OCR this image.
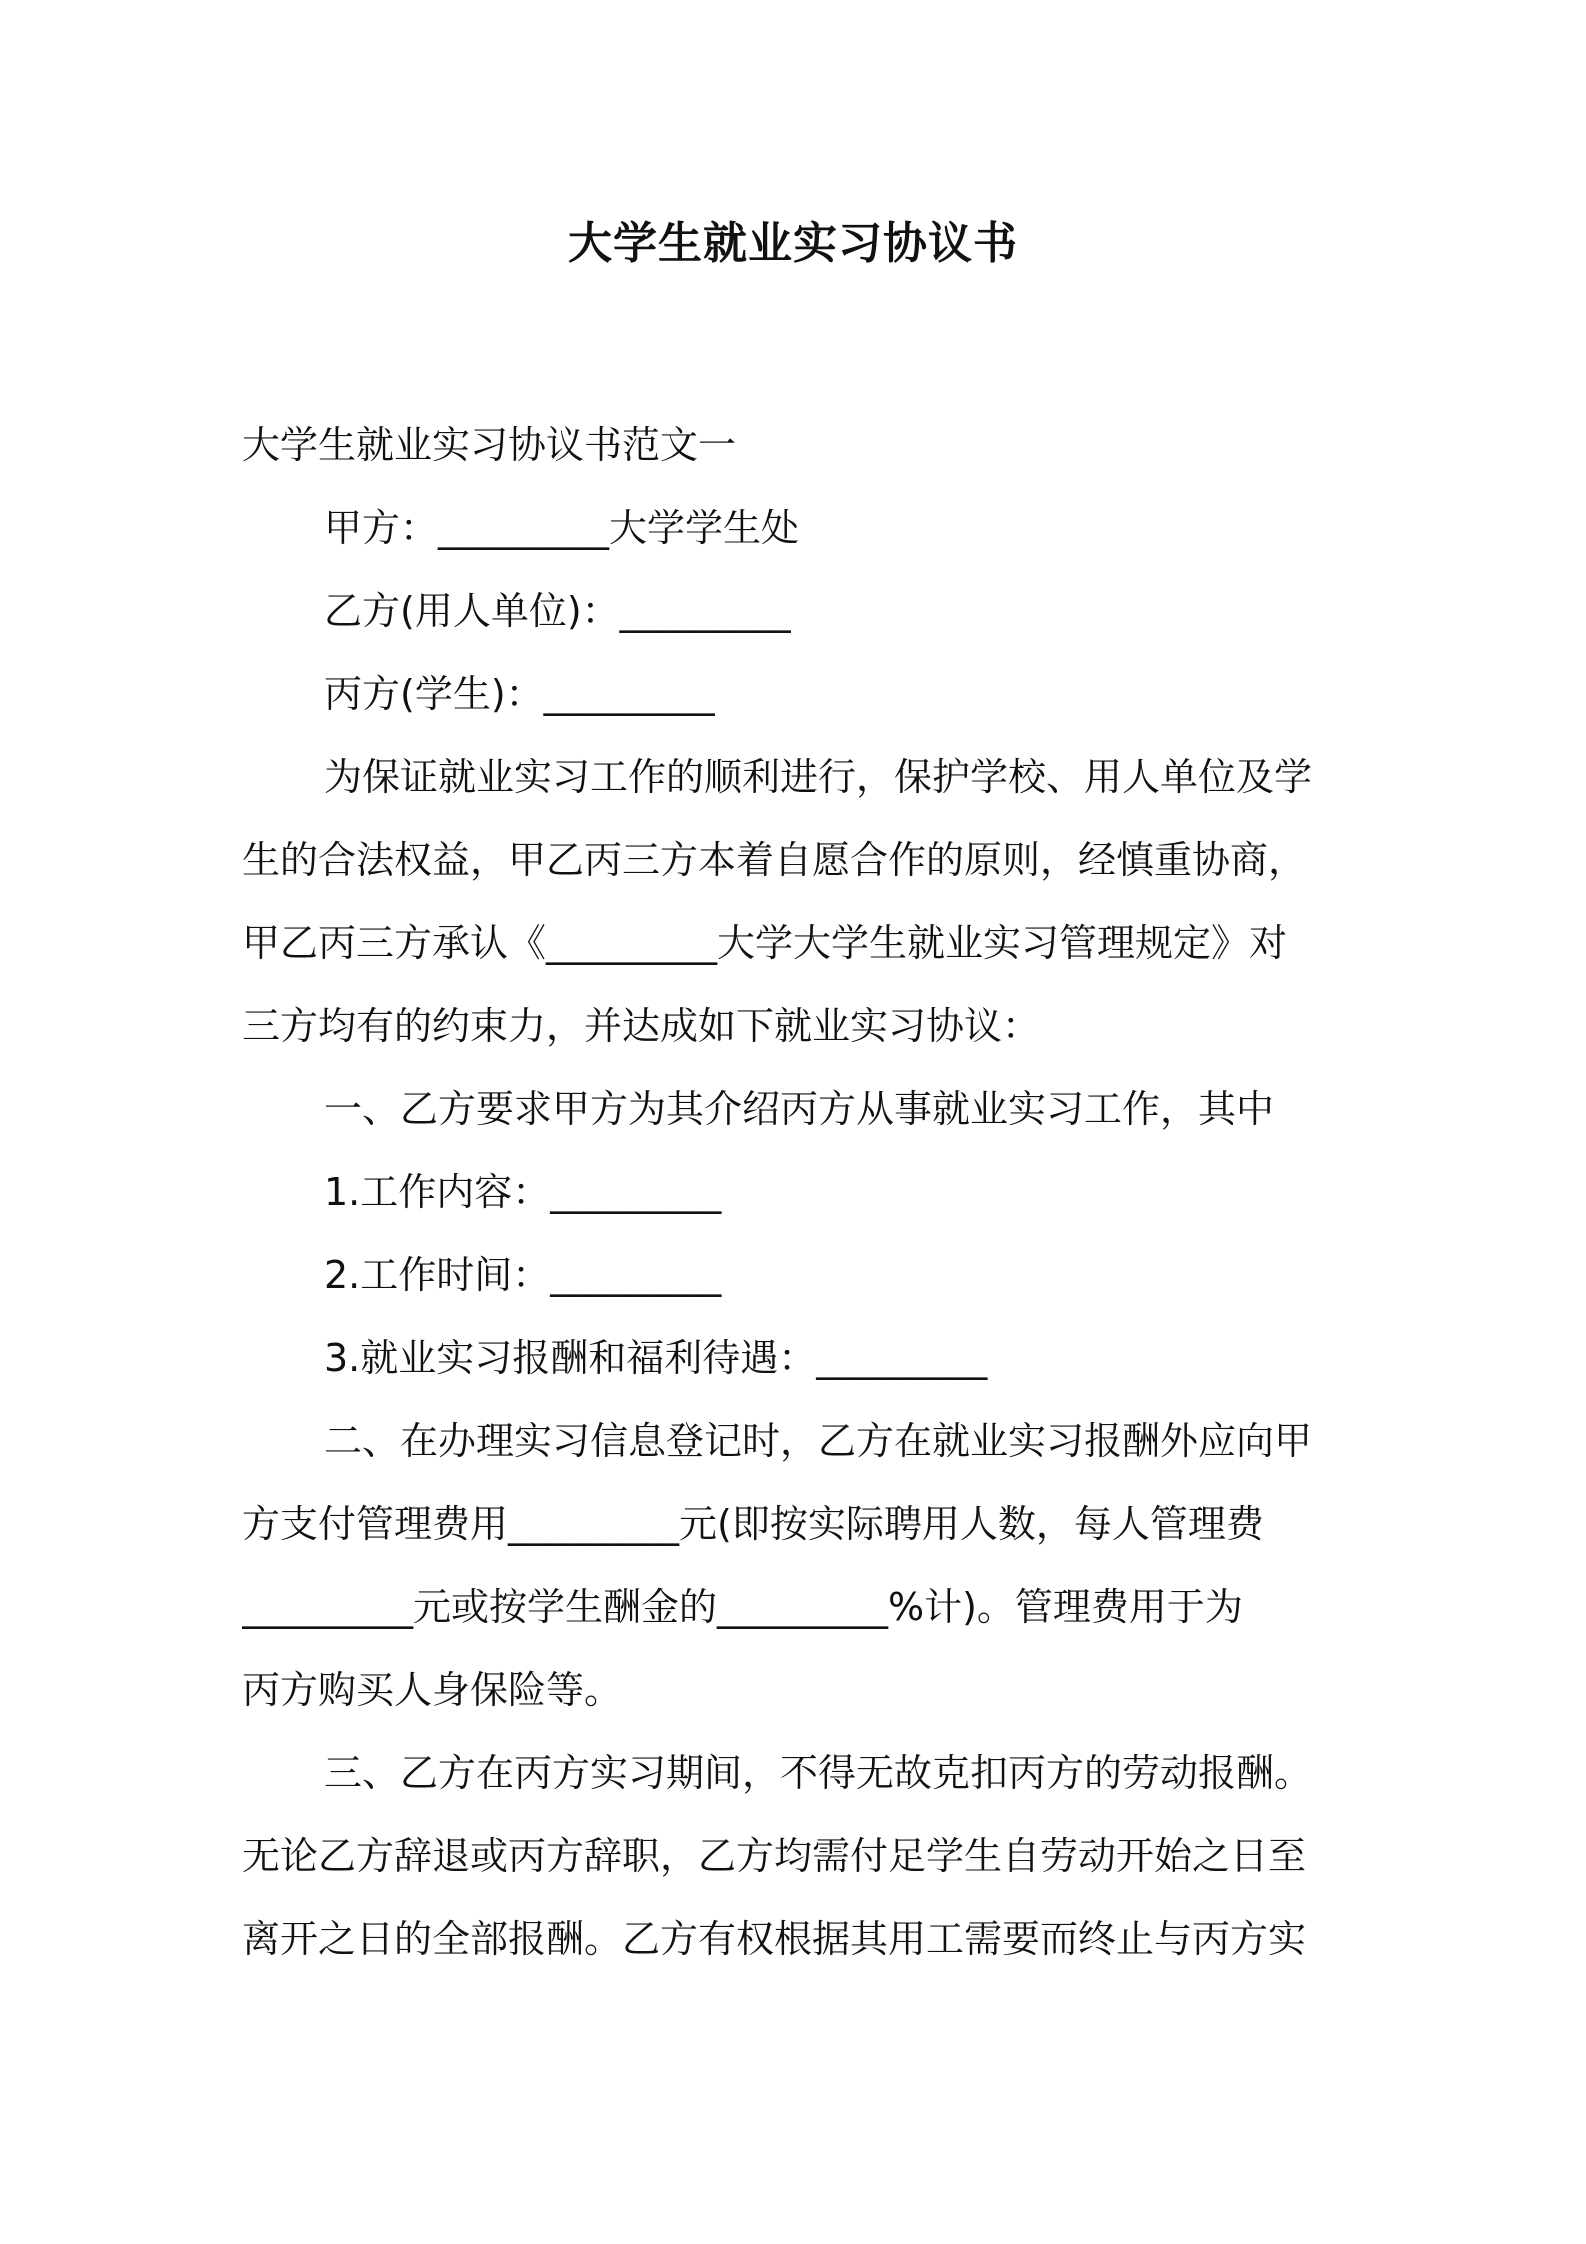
大学生就业实习协议书
大学生就业实习协议书范文一
甲方：_________大学学生处
乙方(用人单位)：_________
丙方(学生)：_________
为保证就业实习工作的顺利进行，保护学校、用人单位及学
生的合法权益，甲乙丙三方本着自愿合作的原则，经慎重协商，
甲乙丙三方承认《_________大学大学生就业实习管理规定》对
三方均有的约束力，并达成如下就业实习协议：
一、乙方要求甲方为其介绍丙方从事就业实习工作，其中
1.工作内容：_________
2.工作时间：_________
3.就业实习报酬和福利待遇：_________
二、在办理实习信息登记时，乙方在就业实习报酬外应向甲
方支付管理费用_________元(即按实际聘用人数，每人管理费
_________元或按学生酬金的_________%计)。管理费用于为
丙方购买人身保险等。
三、乙方在丙方实习期间，不得无故克扣丙方的劳动报酬。
无论乙方辞退或丙方辞职，乙方均需付足学生自劳动开始之日至
离开之日的全部报酬。乙方有权根据其用工需要而终止与丙方实
